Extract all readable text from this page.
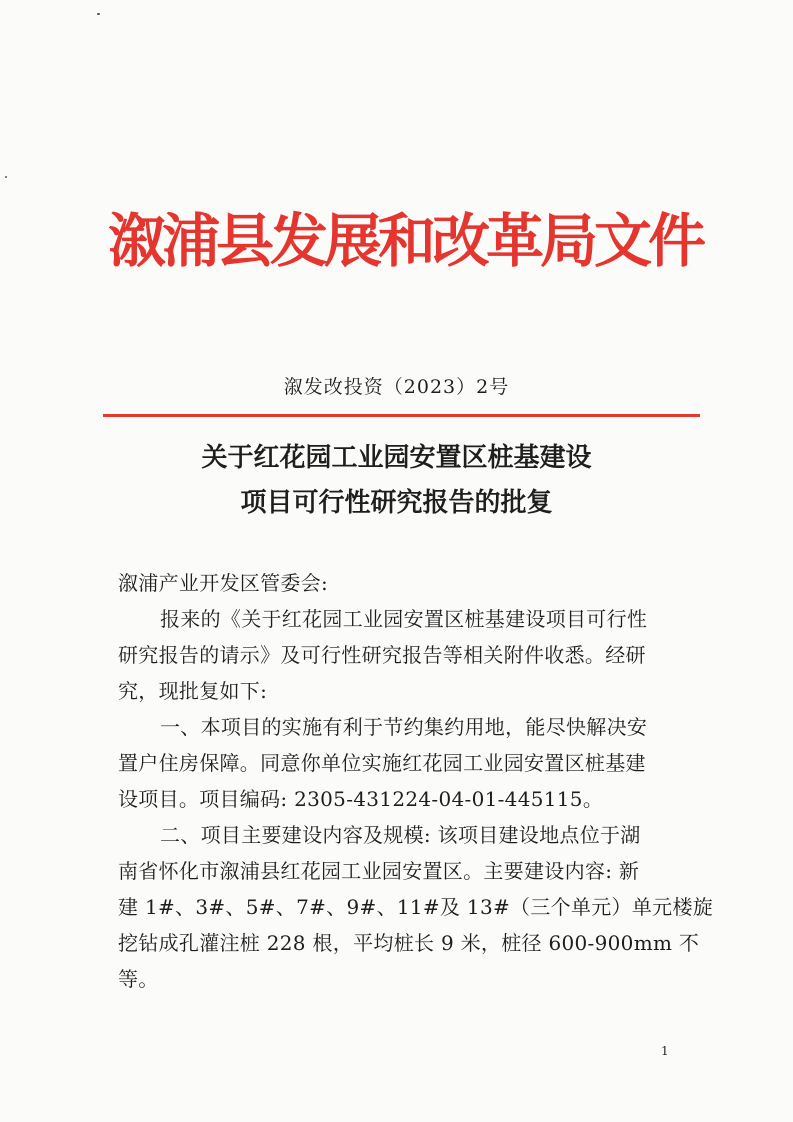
溆浦县发展和改革局文件
溆发改投资（2023）2号
关于红花园工业园安置区桩基建设
项目可行性研究报告的批复

溆浦产业开发区管委会:

报来的《关于红花园工业园安置区桩基建设项目可行性

研究报告的请示》及可行性研究报告等相关附件收悉。经研

究，现批复如下:

一、本项目的实施有利于节约集约用地，能尽快解决安

置户住房保障。同意你单位实施红花园工业园安置区桩基建

设项目。项目编码: 2305-431224-04-01-445115。

二、项目主要建设内容及规模: 该项目建设地点位于湖

南省怀化市溆浦县红花园工业园安置区。主要建设内容: 新

建 1#、3#、5#、7#、9#、11#及 13#（三个单元）单元楼旋

挖钻成孔灌注桩 228 根，平均桩长 9 米，桩径 600-900mm 不

等。

1
